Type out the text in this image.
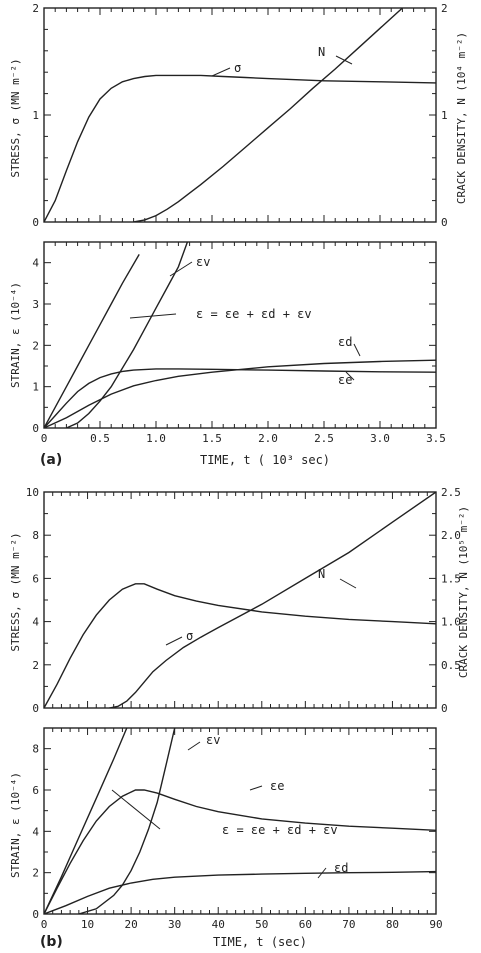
0
1
2
0
1
2
σ
N
0	0.5	1.0	1.5	2.0	2.5	3.0	3.5
0
1
2
3
4	εv
ε = εe + εd + εv
εd
εe
0
2
4
6
8
10
0
0.5
1.0
1.5
2.0
2.5
σ
N
0	10	20	30	40	50	60	70	80	90
0
2
4
6
8
εv
εe
ε = εe + εd + εv
εd
STRESS, σ (MN m⁻²)	CRACK DENSITY, N (10⁴ m⁻²)
STRAIN, ε (10⁻⁴)
(a)	TIME, t ( 10³ sec)
STRESS, σ (MN m⁻²)	CRACK DENSITY, N (10⁵ m⁻²)
STRAIN, ε (10⁻⁴)
(b)	TIME, t (sec)
